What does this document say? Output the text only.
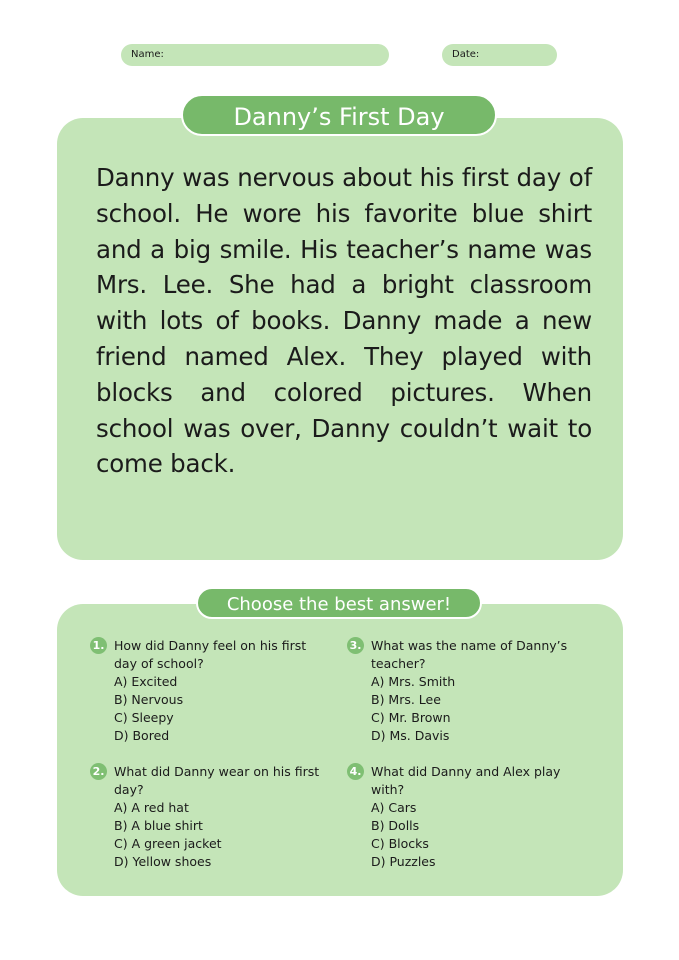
Name:	Date:
Danny’s First Day
Danny was nervous about his first day of school. He wore his favorite blue shirt and a big smile. His teacher’s name was Mrs. Lee. She had a bright classroom with lots of books. Danny made a new friend named Alex. They played with blocks and colored pictures. When school was over, Danny couldn’t wait to come back.
Choose the best answer!
1. How did Danny feel on his first day of school?
A) Excited
B) Nervous
C) Sleepy
D) Bored
2. What did Danny wear on his first day?
A) A red hat
B) A blue shirt
C) A green jacket
D) Yellow shoes
3. What was the name of Danny’s teacher?
A) Mrs. Smith
B) Mrs. Lee
C) Mr. Brown
D) Ms. Davis
4. What did Danny and Alex play with?
A) Cars
B) Dolls
C) Blocks
D) Puzzles
